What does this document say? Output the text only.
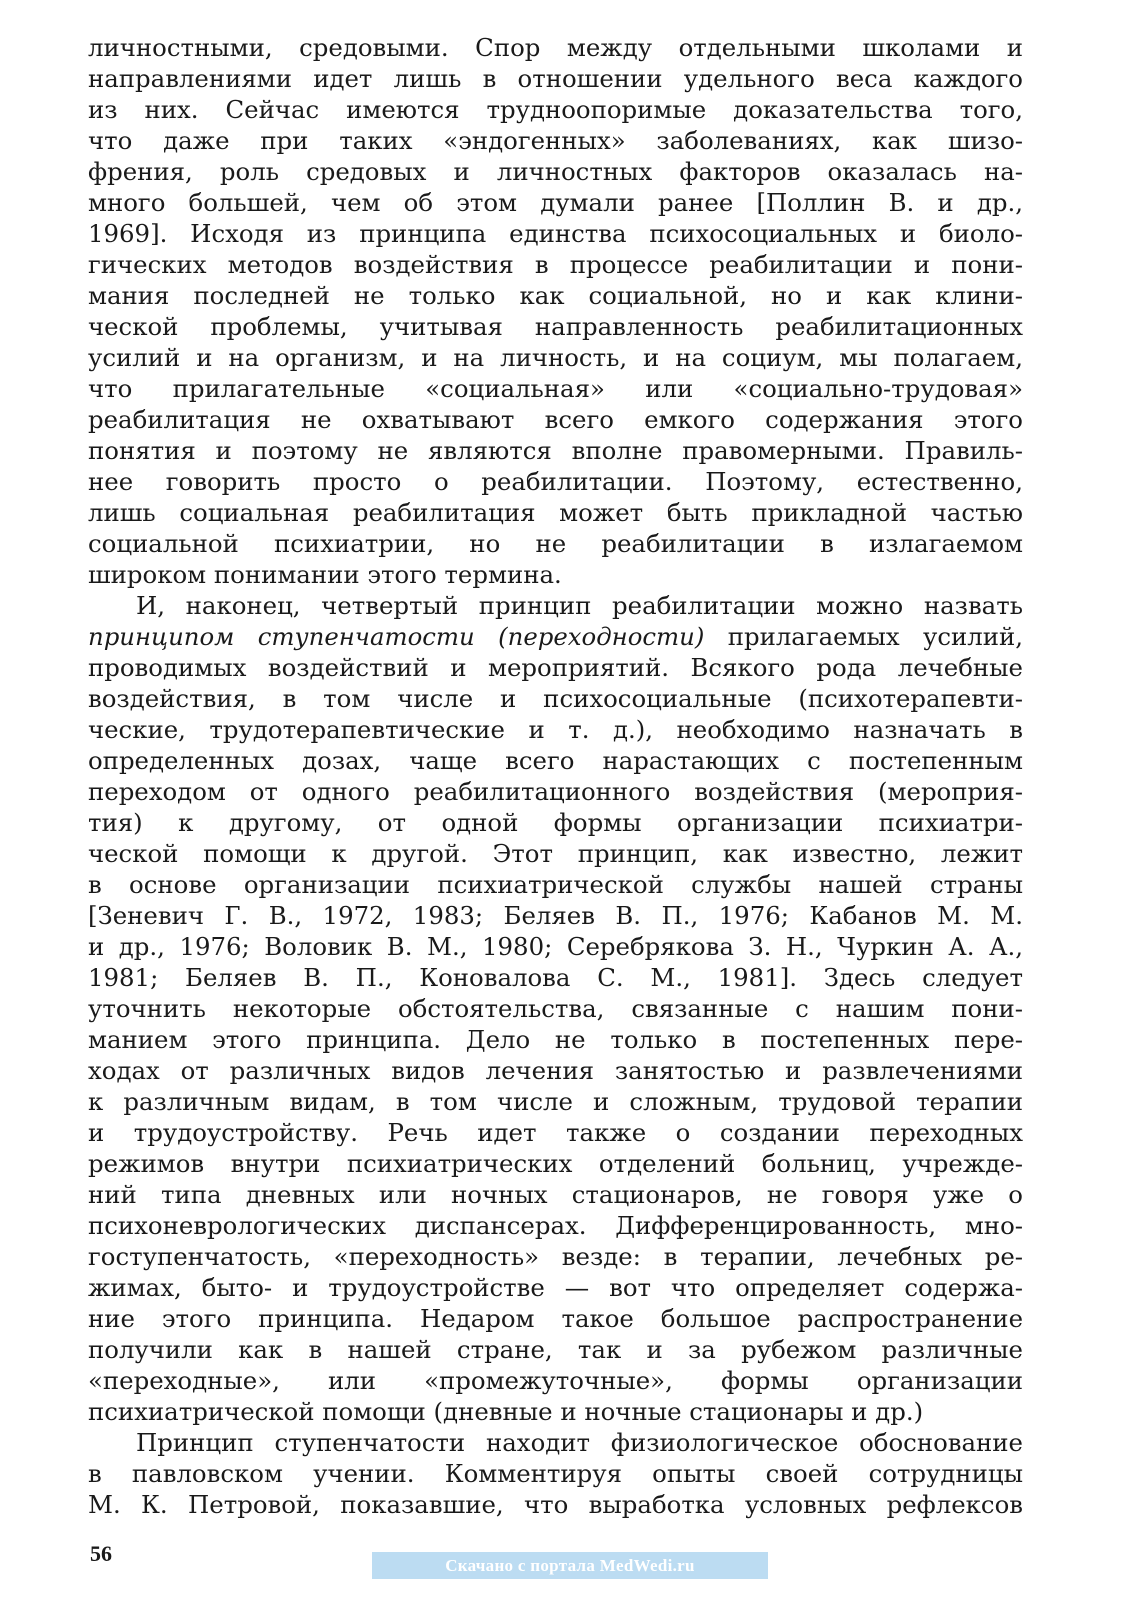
личностными, средовыми. Спор между отдельными школами и
направлениями идет лишь в отношении удельного веса каждого
из них. Сейчас имеются трудноопоримые доказательства того,
что даже при таких «эндогенных» заболеваниях, как шизо-
френия, роль средовых и личностных факторов оказалась на-
много большей, чем об этом думали ранее [Поллин В. и др.,
1969]. Исходя из принципа единства психосоциальных и биоло-
гических методов воздействия в процессе реабилитации и пони-
мания последней не только как социальной, но и как клини-
ческой проблемы, учитывая направленность реабилитационных
усилий и на организм, и на личность, и на социум, мы полагаем,
что прилагательные «социальная» или «социально-трудовая»
реабилитация не охватывают всего емкого содержания этого
понятия и поэтому не являются вполне правомерными. Правиль-
нее говорить просто о реабилитации. Поэтому, естественно,
лишь социальная реабилитация может быть прикладной частью
социальной психиатрии, но не реабилитации в излагаемом
широком понимании этого термина.
И, наконец, четвертый принцип реабилитации можно назвать
принципом ступенчатости (переходности) прилагаемых усилий,
проводимых воздействий и мероприятий. Всякого рода лечебные
воздействия, в том числе и психосоциальные (психотерапевти-
ческие, трудотерапевтические и т. д.), необходимо назначать в
определенных дозах, чаще всего нарастающих с постепенным
переходом от одного реабилитационного воздействия (мероприя-
тия) к другому, от одной формы организации психиатри-
ческой помощи к другой. Этот принцип, как известно, лежит
в основе организации психиатрической службы нашей страны
[Зеневич Г. В., 1972, 1983; Беляев В. П., 1976; Кабанов М. М.
и др., 1976; Воловик В. М., 1980; Серебрякова З. Н., Чуркин А. А.,
1981; Беляев В. П., Коновалова С. М., 1981]. Здесь следует
уточнить некоторые обстоятельства, связанные с нашим пони-
манием этого принципа. Дело не только в постепенных пере-
ходах от различных видов лечения занятостью и развлечениями
к различным видам, в том числе и сложным, трудовой терапии
и трудоустройству. Речь идет также о создании переходных
режимов внутри психиатрических отделений больниц, учрежде-
ний типа дневных или ночных стационаров, не говоря уже о
психоневрологических диспансерах. Дифференцированность, мно-
гоступенчатость, «переходность» везде: в терапии, лечебных ре-
жимах, быто- и трудоустройстве — вот что определяет содержа-
ние этого принципа. Недаром такое большое распространение
получили как в нашей стране, так и за рубежом различные
«переходные», или «промежуточные», формы организации
психиатрической помощи (дневные и ночные стационары и др.)
Принцип ступенчатости находит физиологическое обоснование
в павловском учении. Комментируя опыты своей сотрудницы
М. К. Петровой, показавшие, что выработка условных рефлексов
56	Скачано с портала MedWedi.ru
